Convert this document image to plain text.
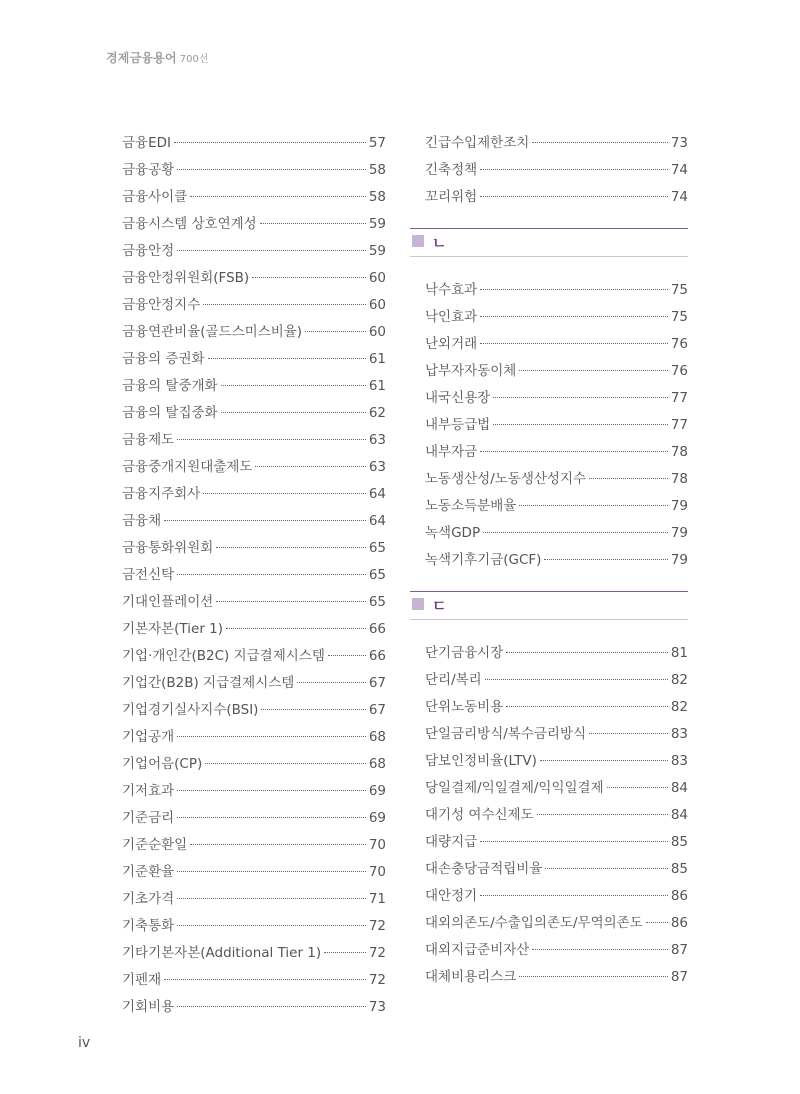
경제금융용어 700선
금융EDI	57
금융공황	58
금융사이클	58
금융시스템 상호연계성	59
금융안정	59
금융안정위원회(FSB)	60
금융안정지수	60
금융연관비율(골드스미스비율)	60
금융의 증권화	61
금융의 탈중개화	61
금융의 탈집중화	62
금융제도	63
금융중개지원대출제도	63
금융지주회사	64
금융채	64
금융통화위원회	65
금전신탁	65
기대인플레이션	65
기본자본(Tier 1)	66
기업·개인간(B2C) 지급결제시스템	66
기업간(B2B) 지급결제시스템	67
기업경기실사지수(BSI)	67
기업공개	68
기업어음(CP)	68
기저효과	69
기준금리	69
기준순환일	70
기준환율	70
기초가격	71
기축통화	72
기타기본자본(Additional Tier 1)	72
기펜재	72
기회비용	73
긴급수입제한조치	73
긴축정책	74
꼬리위험	74
ㄴ
낙수효과	75
낙인효과	75
난외거래	76
납부자자동이체	76
내국신용장	77
내부등급법	77
내부자금	78
노동생산성/노동생산성지수	78
노동소득분배율	79
녹색GDP	79
녹색기후기금(GCF)	79
ㄷ
단기금융시장	81
단리/복리	82
단위노동비용	82
단일금리방식/복수금리방식	83
담보인정비율(LTV)	83
당일결제/익일결제/익익일결제	84
대기성 여수신제도	84
대량지급	85
대손충당금적립비율	85
대안정기	86
대외의존도/수출입의존도/무역의존도 86
대외지급준비자산	87
대체비용리스크	87
iv
